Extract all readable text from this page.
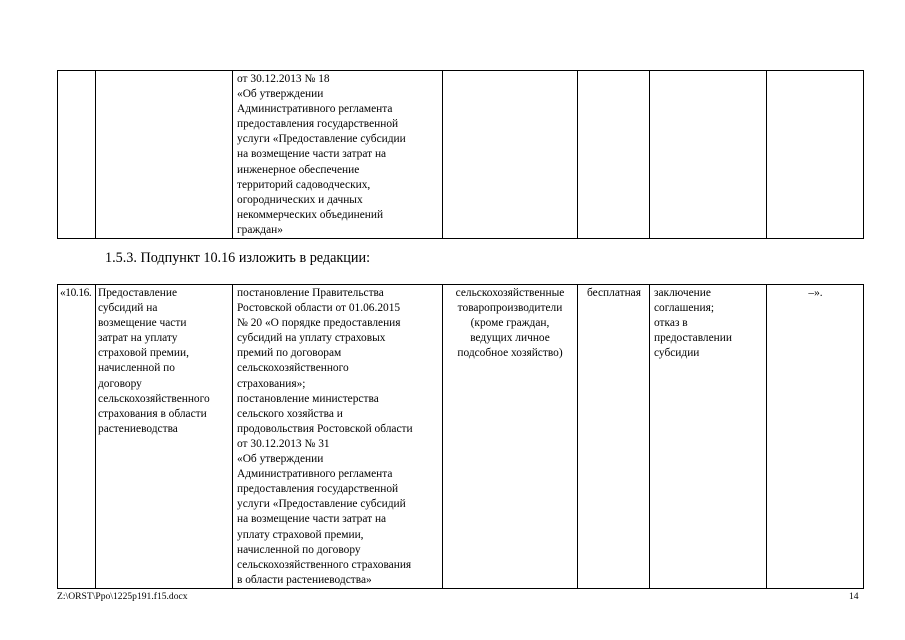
		от 30.12.2013 № 18
«Об утверждении
Административного регламента
предоставления государственной
услуги «Предоставление субсидии
на возмещение части затрат на
инженерное обеспечение
территорий садоводческих,
огороднических и дачных
некоммерческих объединений
граждан»				
1.5.3. Подпункт 10.16 изложить в редакции:
«10.16.	Предоставление
субсидий на
возмещение части
затрат на уплату
страховой премии,
начисленной по
договору
сельскохозяйственного
страхования в области
растениеводства	постановление Правительства
Ростовской области от 01.06.2015
№ 20 «О порядке предоставления
субсидий на уплату страховых
премий по договорам
сельскохозяйственного
страхования»;
постановление министерства
сельского хозяйства и
продовольствия Ростовской области
от 30.12.2013 № 31
«Об утверждении
Административного регламента
предоставления государственной
услуги «Предоставление субсидий
на возмещение части затрат на
уплату страховой премии,
начисленной по договору
сельскохозяйственного страхования
в области растениеводства»	сельскохозяйственные
товаропроизводители
(кроме граждан,
ведущих личное
подсобное хозяйство)	бесплатная	заключение
соглашения;
отказ в
предоставлении
субсидии	–».
Z:\ORST\Ppo\1225p191.f15.docx	14
